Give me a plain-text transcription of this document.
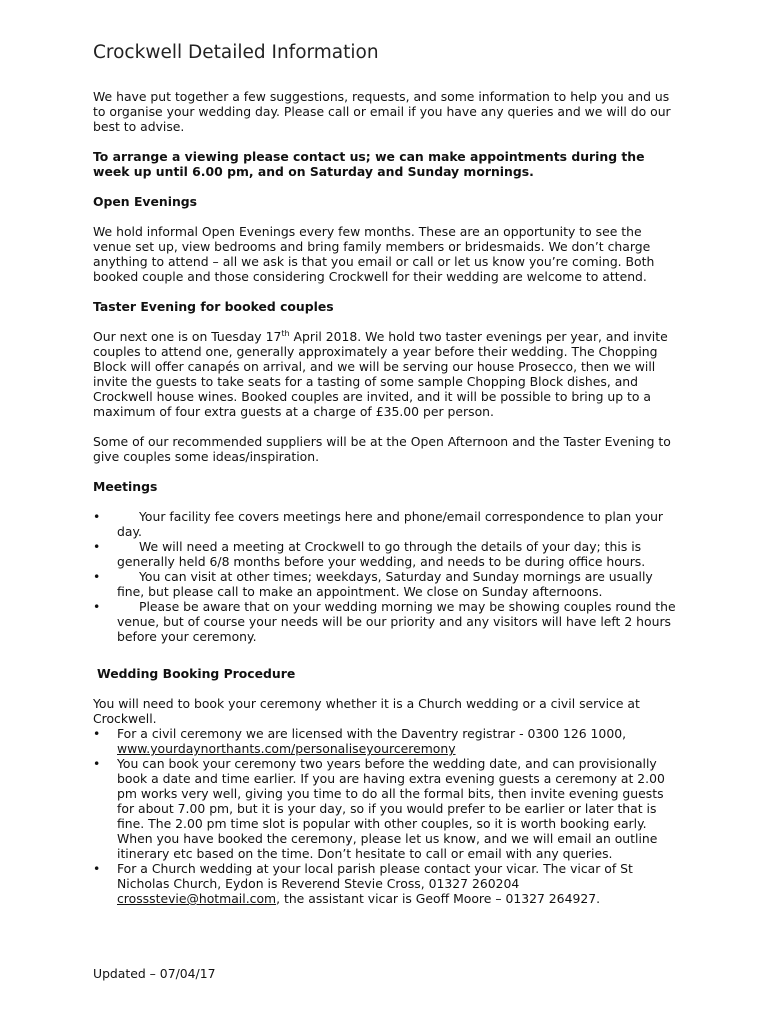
Crockwell Detailed Information

We have put together a few suggestions, requests, and some information to help you and us to organise your wedding day. Please call or email if you have any queries and we will do our best to advise.

To arrange a viewing please contact us; we can make appointments during the week up until 6.00 pm, and on Saturday and Sunday mornings.

Open Evenings

We hold informal Open Evenings every few months. These are an opportunity to see the venue set up, view bedrooms and bring family members or bridesmaids. We don’t charge anything to attend – all we ask is that you email or call or let us know you’re coming. Both booked couple and those considering Crockwell for their wedding are welcome to attend.

Taster Evening for booked couples

Our next one is on Tuesday 17th April 2018. We hold two taster evenings per year, and invite couples to attend one, generally approximately a year before their wedding. The Chopping Block will offer canapés on arrival, and we will be serving our house Prosecco, then we will invite the guests to take seats for a tasting of some sample Chopping Block dishes, and Crockwell house wines. Booked couples are invited, and it will be possible to bring up to a maximum of four extra guests at a charge of £35.00 per person.

Some of our recommended suppliers will be at the Open Afternoon and the Taster Evening to give couples some ideas/inspiration.

Meetings
•	Your facility fee covers meetings here and phone/email correspondence to plan your day.
•	We will need a meeting at Crockwell to go through the details of your day; this is generally held 6/8 months before your wedding, and needs to be during office hours.
•	You can visit at other times; weekdays, Saturday and Sunday mornings are usually fine, but please call to make an appointment. We close on Sunday afternoons.
•	Please be aware that on your wedding morning we may be showing couples round the venue, but of course your needs will be our priority and any visitors will have left 2 hours before your ceremony.
Wedding Booking Procedure

You will need to book your ceremony whether it is a Church wedding or a civil service at Crockwell.

• For a civil ceremony we are licensed with the Daventry registrar - 0300 126 1000, www.yourdaynorthants.com/personaliseyourceremony
• You can book your ceremony two years before the wedding date, and can provisionally book a date and time earlier. If you are having extra evening guests a ceremony at 2.00 pm works very well, giving you time to do all the formal bits, then invite evening guests for about 7.00 pm, but it is your day, so if you would prefer to be earlier or later that is fine. The 2.00 pm time slot is popular with other couples, so it is worth booking early. When you have booked the ceremony, please let us know, and we will email an outline itinerary etc based on the time. Don’t hesitate to call or email with any queries.
• For a Church wedding at your local parish please contact your vicar. The vicar of St Nicholas Church, Eydon is Reverend Stevie Cross, 01327 260204 crossstevie@hotmail.com, the assistant vicar is Geoff Moore – 01327 264927.
Updated – 07/04/17
